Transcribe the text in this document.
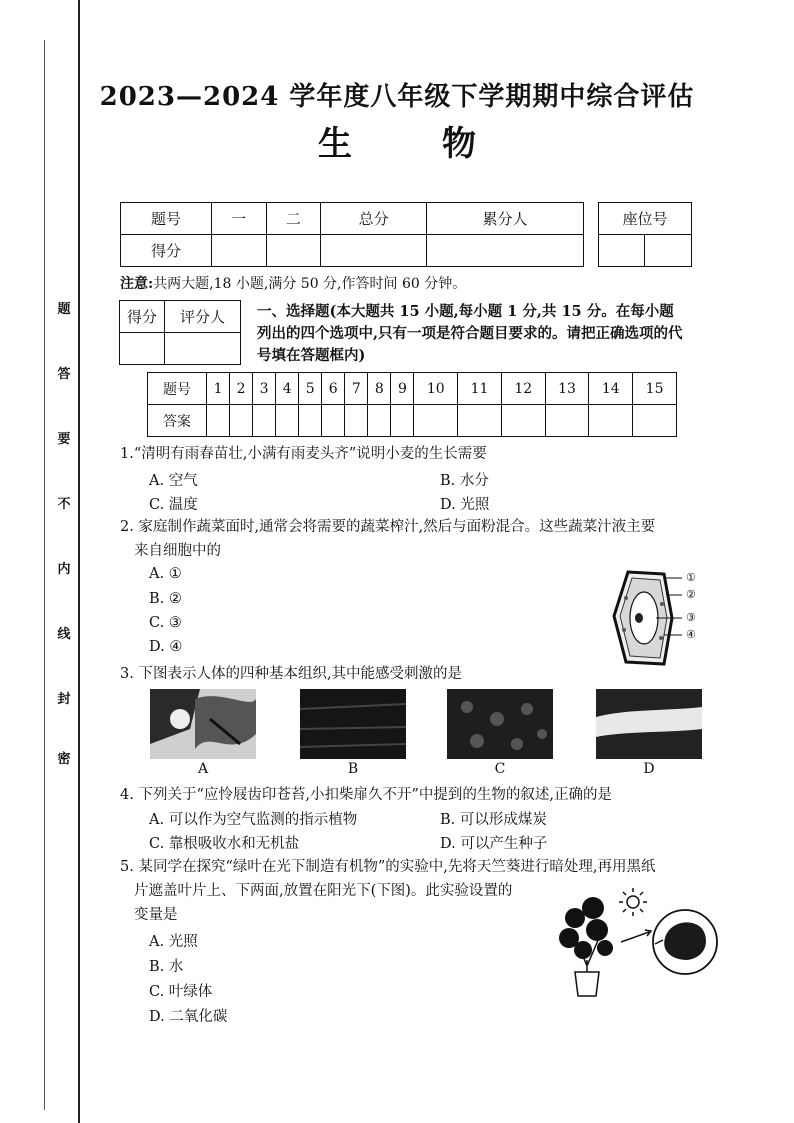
题
答
要
不
内
线
封
密
2023—2024 学年度八年级下学期期中综合评估
生物
题号	一	二	总分	累分人
得分				
座位号

注意:共两大题,18 小题,满分 50 分,作答时间 60 分钟。
得分	评分人
	一、选择题(本大题共 15 小题,每小题 1 分,共 15 分。在每小题列出的四个选项中,只有一项是符合题目要求的。请把正确选项的代号填在答题框内)
题号	1	2	3	4	5	6	7	8	9	10	11	12	13	14	15
答案															
1.“清明有雨春苗壮,小满有雨麦头齐”说明小麦的生长需要
A. 空气	B. 水分
C. 温度	D. 光照
2. 家庭制作蔬菜面时,通常会将需要的蔬菜榨汁,然后与面粉混合。这些蔬菜汁液主要
来自细胞中的
A. ①
B. ②
C. ③
D. ④
①
②
③
④
3. 下图表示人体的四种基本组织,其中能感受刺激的是
A	B	C	D
4. 下列关于“应怜屐齿印苍苔,小扣柴扉久不开”中提到的生物的叙述,正确的是
A. 可以作为空气监测的指示植物	B. 可以形成煤炭
C. 靠根吸收水和无机盐	D. 可以产生种子
5. 某同学在探究“绿叶在光下制造有机物”的实验中,先将天竺葵进行暗处理,再用黑纸
片遮盖叶片上、下两面,放置在阳光下(下图)。此实验设置的
变量是
A. 光照
B. 水
C. 叶绿体
D. 二氧化碳
